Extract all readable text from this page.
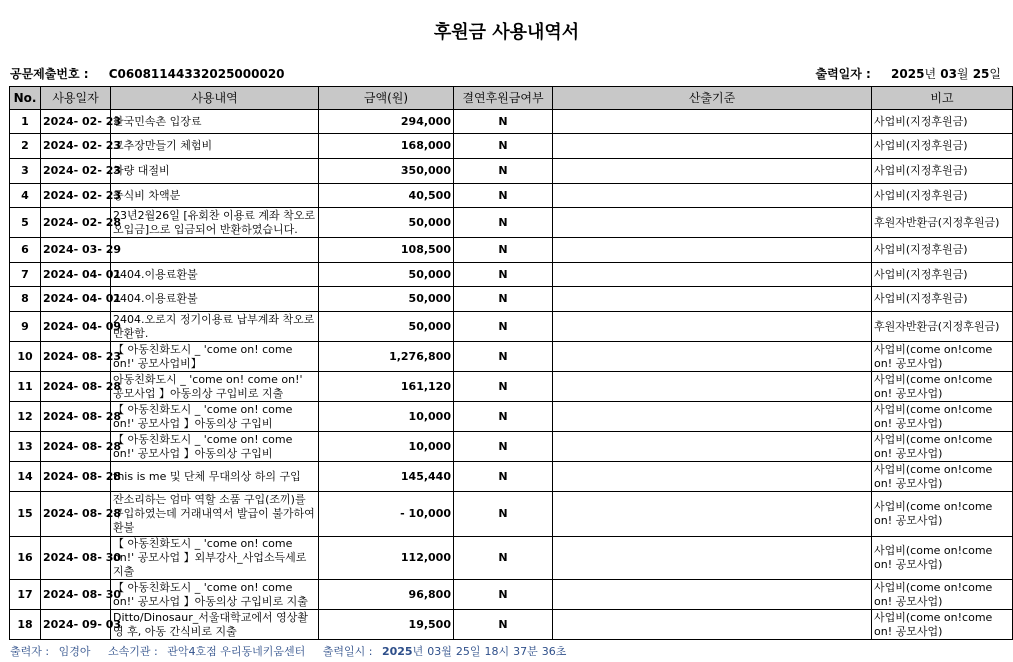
후원금 사용내역서
공문제출번호 : C06081144332025000020	출력일자 : 2025년 03월 25일
No.	사용일자	사용내역	금액(원)	결연후원금여부	산출기준	비고
1	2024- 02- 23	한국민속촌 입장료	294,000	N		사업비(지정후원금)
2	2024- 02- 23	고추장만들기 체험비	168,000	N		사업비(지정후원금)
3	2024- 02- 23	차량 대절비	350,000	N		사업비(지정후원금)
4	2024- 02- 23	중식비 차액분	40,500	N		사업비(지정후원금)
5	2024- 02- 28	23년2월26일 [유회찬 이용료 계좌 착오로 오입금]으로 입금되어 반환하였습니다.	50,000	N		후원자반환금(지정후원금)
6	2024- 03- 29		108,500	N		사업비(지정후원금)
7	2024- 04- 01	2404.이용료환불	50,000	N		사업비(지정후원금)
8	2024- 04- 01	2404.이용료환불	50,000	N		사업비(지정후원금)
9	2024- 04- 09	2404.오로지 정기이용료 납부계좌 착오로 반환함.	50,000	N		후원자반환금(지정후원금)
10	2024- 08- 23	【 아동친화도시 _ 'come on! come on!' 공모사업비】	1,276,800	N		사업비(come on!come on! 공모사업)
11	2024- 08- 28	아동친화도시 _ 'come on! come on!' 공모사업 】아동의상 구입비로 지출	161,120	N		사업비(come on!come on! 공모사업)
12	2024- 08- 28	【 아동친화도시 _ 'come on! come on!' 공모사업 】아동의상 구입비	10,000	N		사업비(come on!come on! 공모사업)
13	2024- 08- 28	【 아동친화도시 _ 'come on! come on!' 공모사업 】아동의상 구입비	10,000	N		사업비(come on!come on! 공모사업)
14	2024- 08- 28	this is me 및 단체 무대의상 하의 구입	145,440	N		사업비(come on!come on! 공모사업)
15	2024- 08- 28	잔소리하는 엄마 역할 소품 구입(조끼)를 구입하였는데 거래내역서 발급이 불가하여 환불	- 10,000	N		사업비(come on!come on! 공모사업)
16	2024- 08- 30	【 아동친화도시 _ 'come on! come on!' 공모사업 】외부강사_사업소득세로 지출	112,000	N		사업비(come on!come on! 공모사업)
17	2024- 08- 30	【 아동친화도시 _ 'come on! come on!' 공모사업 】아동의상 구입비로 지출	96,800	N		사업비(come on!come on! 공모사업)
18	2024- 09- 03	Ditto/Dinosaur_서울대학교에서 영상촬영 후, 아동 간식비로 지출	19,500	N		사업비(come on!come on! 공모사업)
출력자 : 임경아 소속기관 : 관악4호점 우리동네키움센터 출력일시 : 2025년 03월 25일 18시 37분 36초
